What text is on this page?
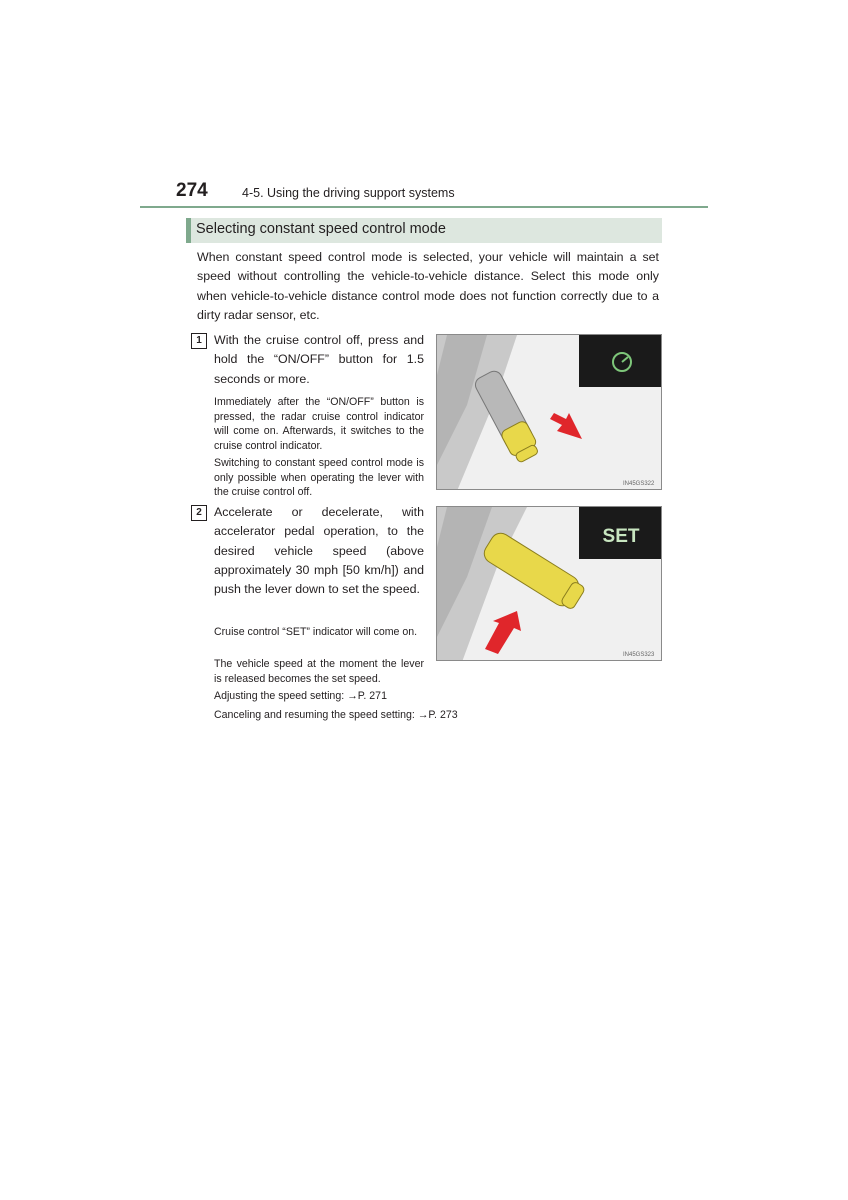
274	4-5. Using the driving support systems
Selecting constant speed control mode
When constant speed control mode is selected, your vehicle will maintain a set speed without controlling the vehicle-to-vehicle distance. Select this mode only when vehicle-to-vehicle distance control mode does not function correctly due to a dirty radar sensor, etc.
1 With the cruise control off, press and hold the “ON/OFF” button for 1.5 seconds or more.
Immediately after the “ON/OFF” button is pressed, the radar cruise control indicator will come on. Afterwards, it switches to the cruise control indicator.
Switching to constant speed control mode is only possible when operating the lever with the cruise control off.
IN45GS322
2 Accelerate or decelerate, with accelerator pedal operation, to the desired vehicle speed (above approximately 30 mph [50 km/h]) and push the lever down to set the speed.
Cruise control “SET” indicator will come on.
The vehicle speed at the moment the lever is released becomes the set speed.
Adjusting the speed setting: →P. 271
Canceling and resuming the speed setting: →P. 273
SET
IN45GS323
